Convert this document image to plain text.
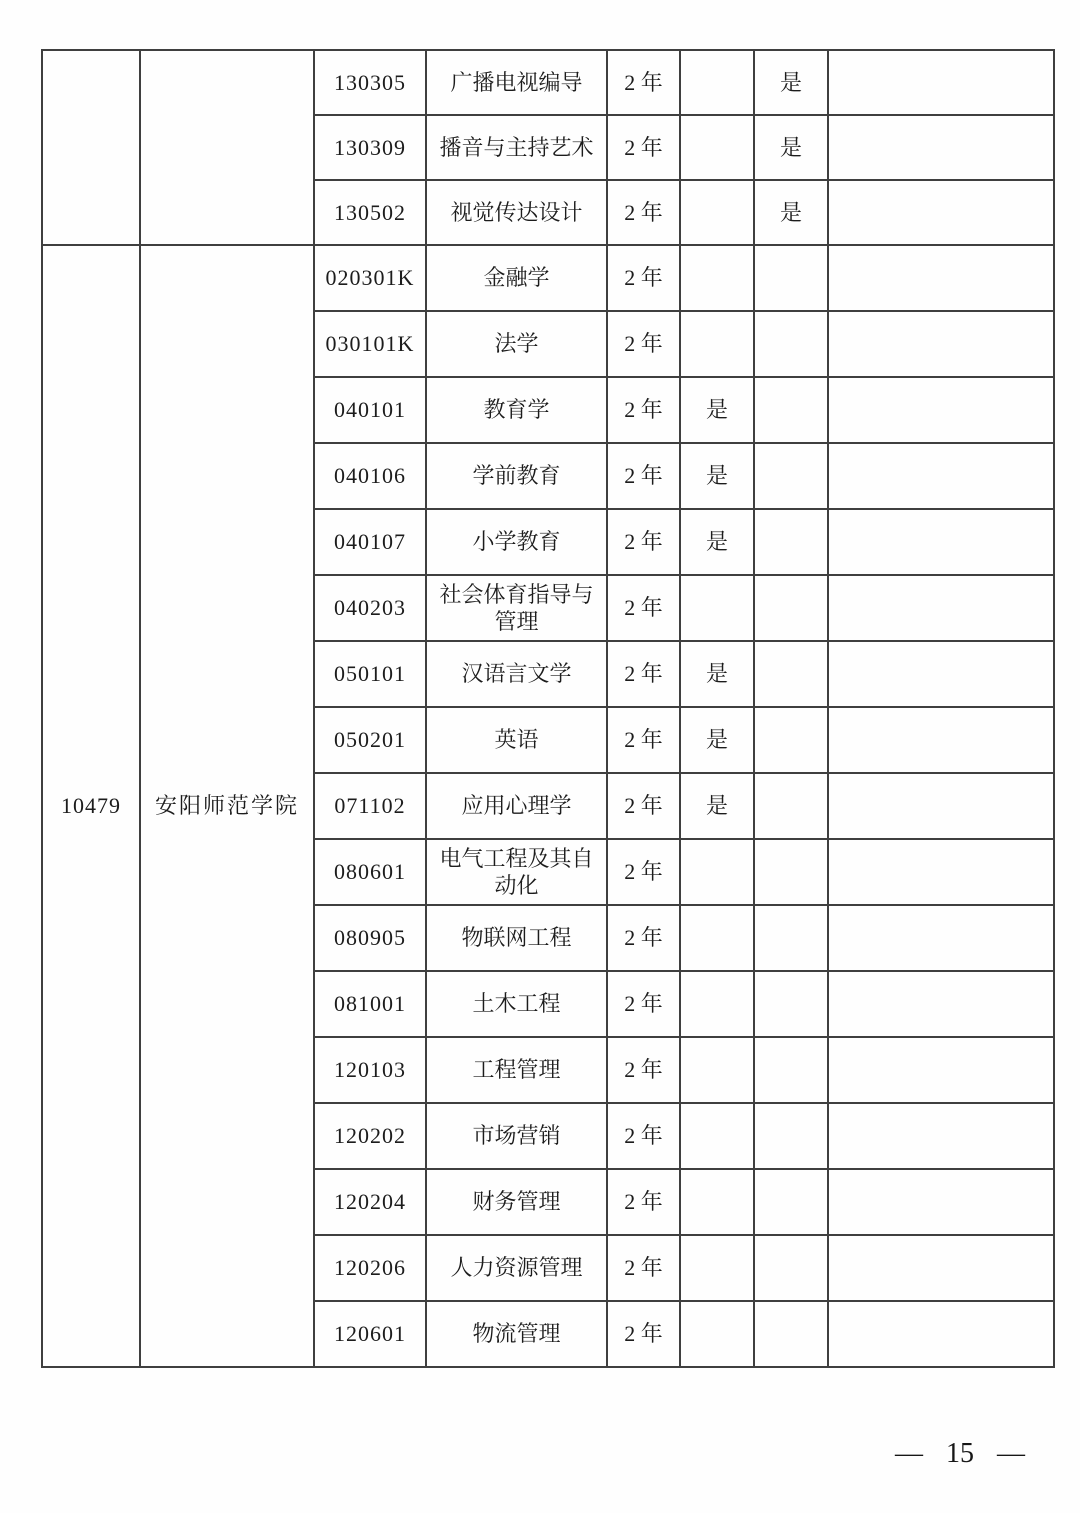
		130305	广播电视编导	2 年		是	
		130309	播音与主持艺术	2 年		是	
		130502	视觉传达设计	2 年		是	
10479	安阳师范学院	020301K	金融学	2 年			
		030101K	法学	2 年			
		040101	教育学	2 年	是		
		040106	学前教育	2 年	是		
		040107	小学教育	2 年	是		
		040203	社会体育指导与管理	2 年			
		050101	汉语言文学	2 年	是		
		050201	英语	2 年	是		
		071102	应用心理学	2 年	是		
		080601	电气工程及其自动化	2 年			
		080905	物联网工程	2 年			
		081001	土木工程	2 年			
		120103	工程管理	2 年			
		120202	市场营销	2 年			
		120204	财务管理	2 年			
		120206	人力资源管理	2 年			
		120601	物流管理	2 年			
— 15 —
